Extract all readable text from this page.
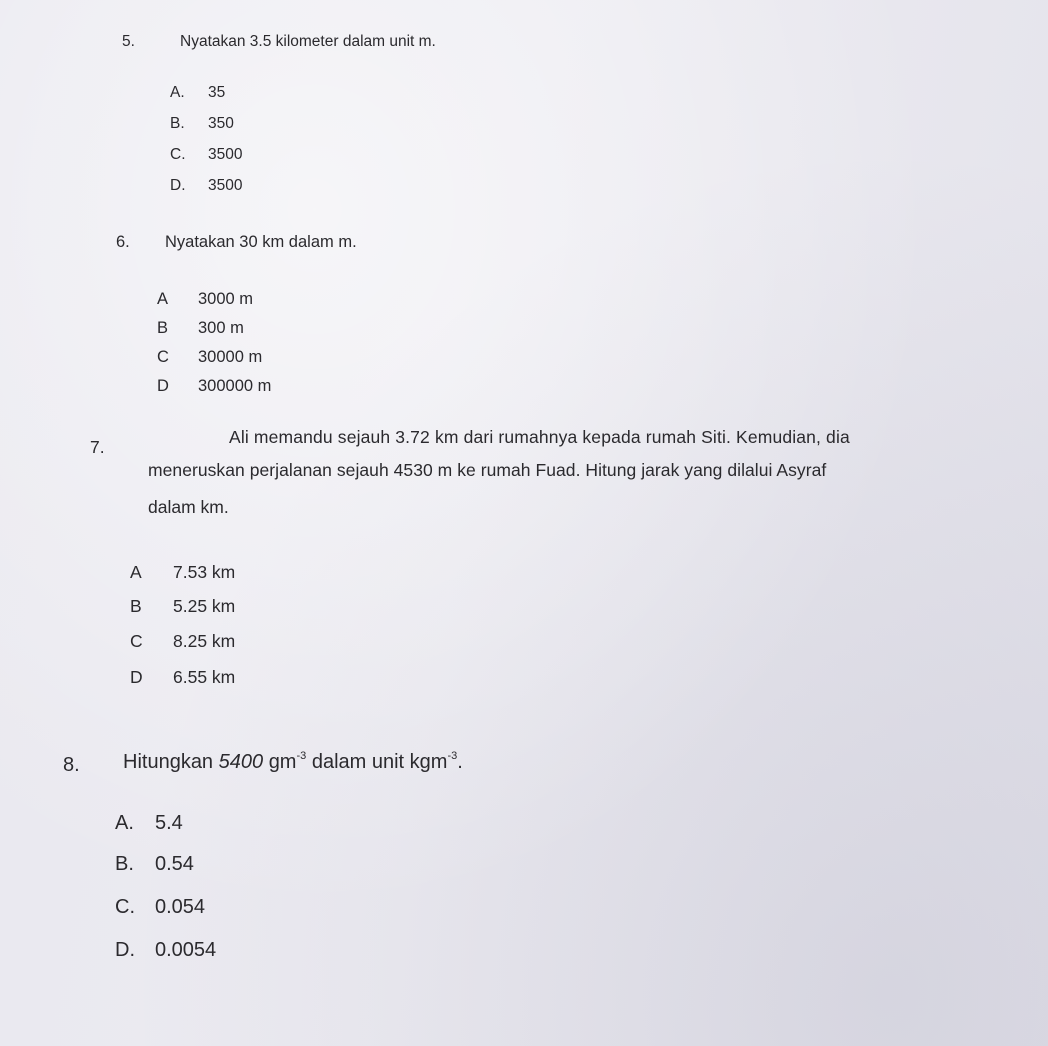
5.	Nyatakan 3.5 kilometer dalam unit m.
A. 35
B. 350
C. 3500
D. 3500
6. Nyatakan 30 km dalam m.
A 3000 m
B 300 m
C 30000 m
D 300000 m
7.	Ali memandu sejauh 3.72 km dari rumahnya kepada rumah Siti. Kemudian, dia
meneruskan perjalanan sejauh 4530 m ke rumah Fuad. Hitung jarak yang dilalui Asyraf
dalam km.
A 7.53 km
B 5.25 km
C 8.25 km
D 6.55 km
8. Hitungkan 5400 $gm^{-3}$ dalam unit kgm$^{-3}$.
A. 5.4
B. 0.54
C. 0.054
D. 0.0054
